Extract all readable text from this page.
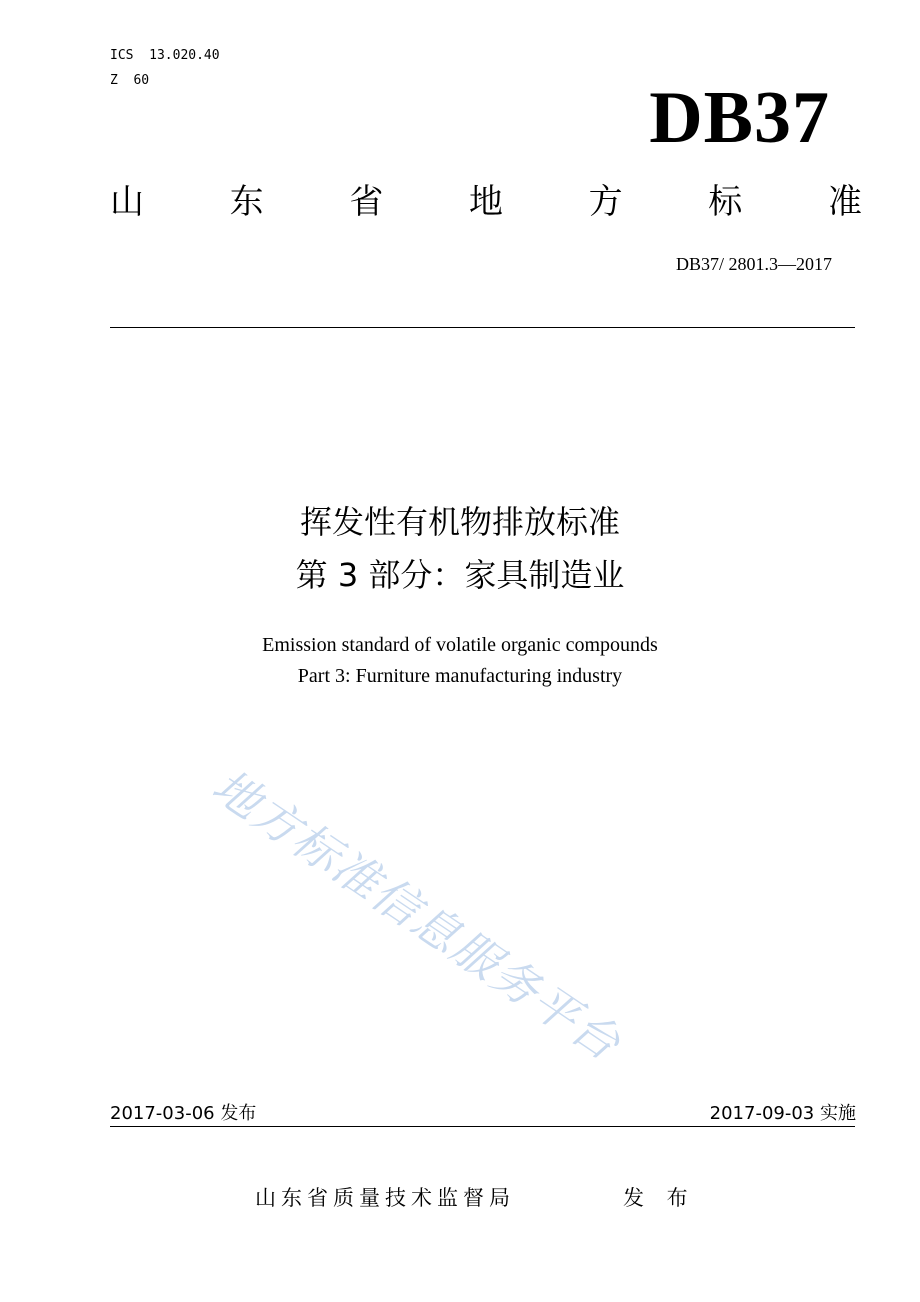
ICS  13.020.40
Z  60	DB37
山	东	省	地	方	标	准
DB37/ 2801.3—2017
挥发性有机物排放标准
第 3 部分：家具制造业
Emission standard of volatile organic compounds
Part 3: Furniture manufacturing industry
地方标准信息服务平台
2017-03-06 发布	2017-09-03 实施
山东省质量技术监督局	发 布
